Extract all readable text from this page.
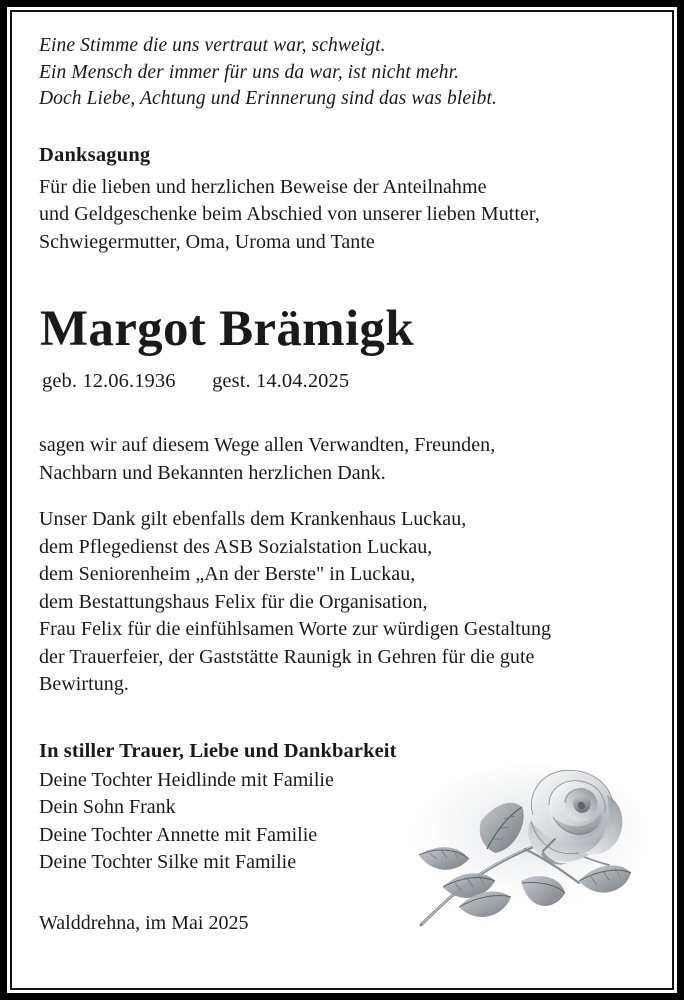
Eine Stimme die uns vertraut war, schweigt.
Ein Mensch der immer für uns da war, ist nicht mehr.
Doch Liebe, Achtung und Erinnerung sind das was bleibt.
Danksagung
Für die lieben und herzlichen Beweise der Anteilnahme
und Geldgeschenke beim Abschied von unserer lieben Mutter,
Schwiegermutter, Oma, Uroma und Tante
Margot Brämigk
geb. 12.06.1936 gest. 14.04.2025
sagen wir auf diesem Wege allen Verwandten, Freunden,
Nachbarn und Bekannten herzlichen Dank.
Unser Dank gilt ebenfalls dem Krankenhaus Luckau,
dem Pflegedienst des ASB Sozialstation Luckau,
dem Seniorenheim „An der Berste" in Luckau,
dem Bestattungshaus Felix für die Organisation,
Frau Felix für die einfühlsamen Worte zur würdigen Gestaltung
der Trauerfeier, der Gaststätte Raunigk in Gehren für die gute
Bewirtung.
In stiller Trauer, Liebe und Dankbarkeit
Deine Tochter Heidlinde mit Familie
Dein Sohn Frank
Deine Tochter Annette mit Familie
Deine Tochter Silke mit Familie
Walddrehna, im Mai 2025
